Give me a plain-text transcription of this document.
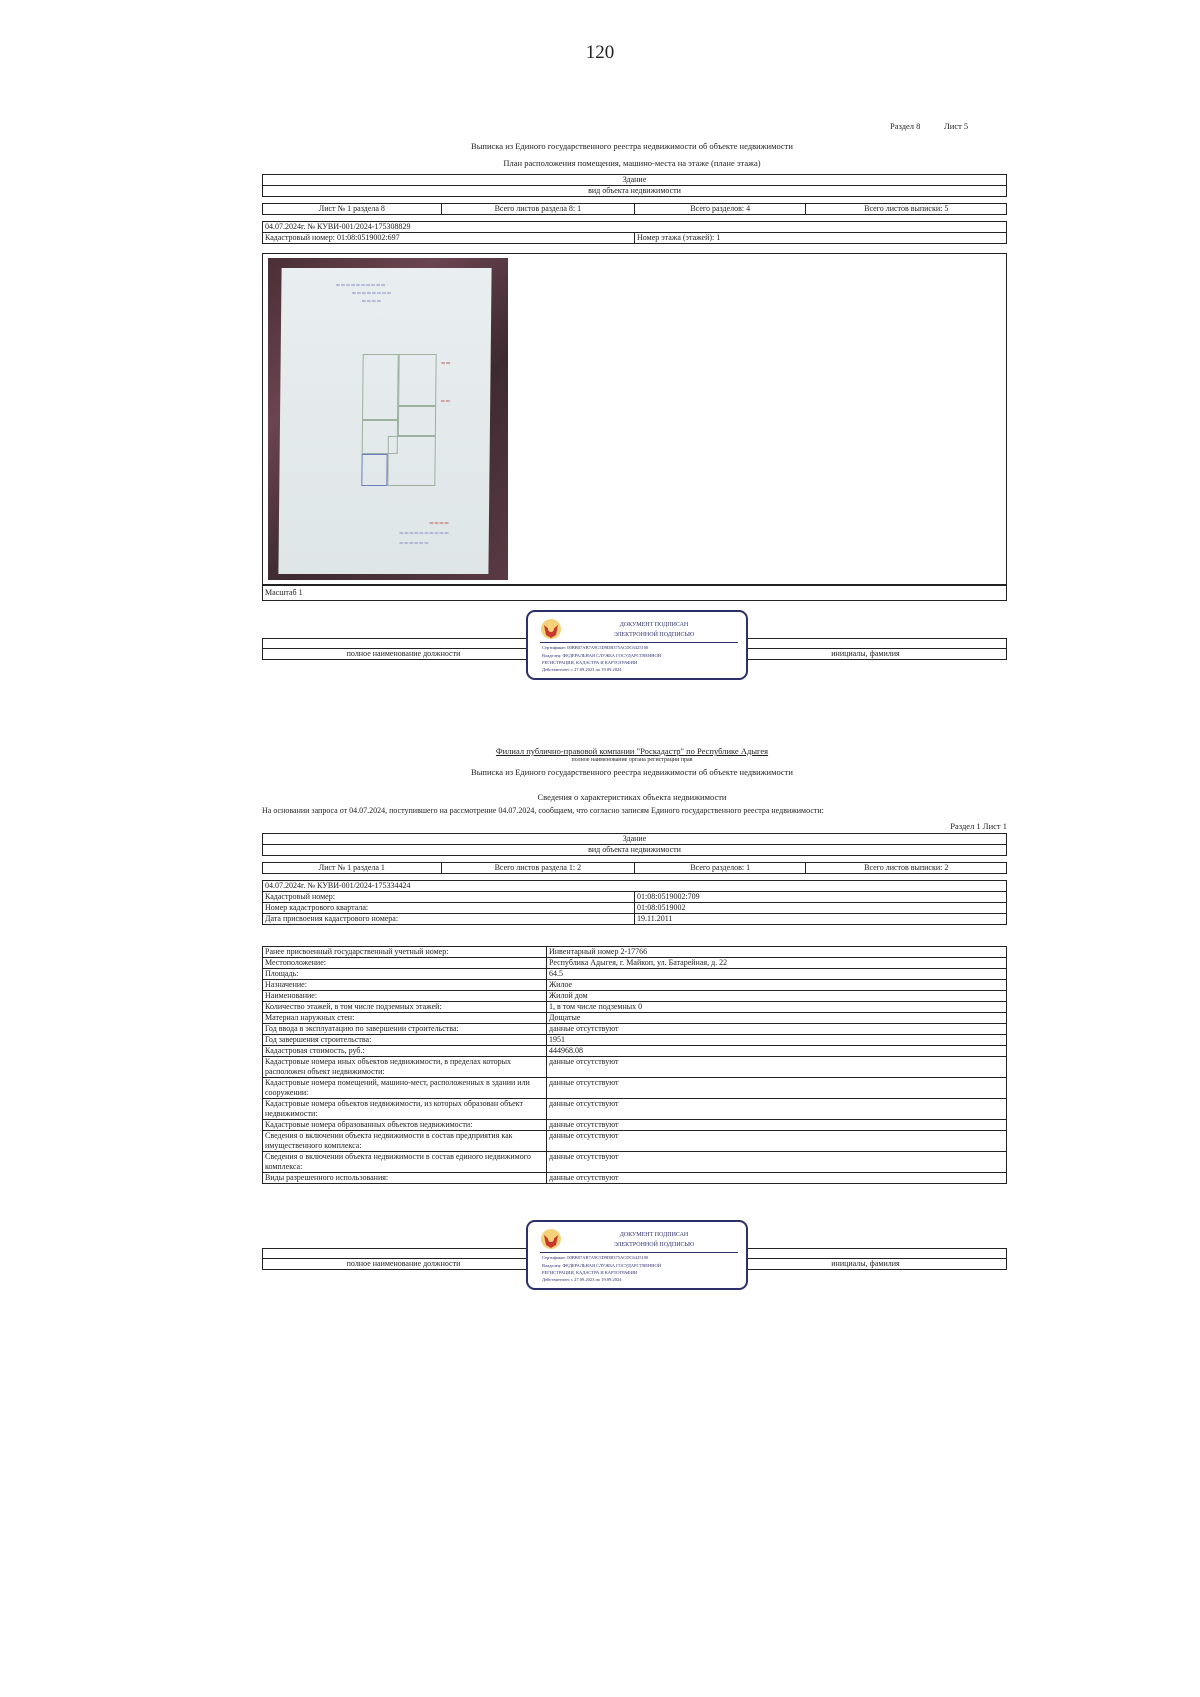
120
Раздел 8	Лист 5
Выписка из Единого государственного реестра недвижимости об объекте недвижимости
План расположения помещения, машино-места на этаже (плане этажа)
Здание
вид объекта недвижимости
Лист № 1 раздела 8	Всего листов раздела 8: 1	Всего разделов: 4	Всего листов выписки: 5
04.07.2024г. № КУВИ-001/2024-175308829
Кадастровый номер: 01:08:0519002:697	Номер этажа (этажей): 1
≈≈≈≈≈≈≈≈≈≈
≈≈≈≈≈≈≈≈
≈≈≈≈
≈≈
≈≈
≈≈≈≈
≈≈≈≈≈≈≈≈≈≈
≈≈≈≈≈≈
Масштаб 1

полное наименование должности		инициалы, фамилия
ДОКУМЕНТ ПОДПИСАН
ЭЛЕКТРОННОЙ ПОДПИСЬЮ
Сертификат: 00BB07AB7A9C5D9DB375ACDC6425100
Владелец: ФЕДЕРАЛЬНАЯ СЛУЖБА ГОСУДАРСТВЕННОЙ
РЕГИСТРАЦИИ, КАДАСТРА И КАРТОГРАФИИ
Действителен: с 27.09.2023 по 19.09.2024
Филиал публично-правовой компании "Роскадастр" по Республике Адыгея
полное наименование органа регистрации прав
Выписка из Единого государственного реестра недвижимости об объекте недвижимости
Сведения о характеристиках объекта недвижимости
На основании запроса от 04.07.2024, поступившего на рассмотрение 04.07.2024, сообщаем, что согласно записям Единого государственного реестра недвижимости:
Раздел 1 Лист 1
Здание
вид объекта недвижимости
Лист № 1 раздела 1	Всего листов раздела 1: 2	Всего разделов: 1	Всего листов выписки: 2
04.07.2024г. № КУВИ-001/2024-175334424	
Кадастровый номер:	01:08:0519002:709
Номер кадастрового квартала:	01:08:0519002
Дата присвоения кадастрового номера:	19.11.2011
Ранее присвоенный государственный учетный номер:	Инвентарный номер 2-17766
Местоположение:	Республика Адыгея, г. Майкоп, ул. Батарейная, д. 22
Площадь:	64.5
Назначение:	Жилое
Наименование:	Жилой дом
Количество этажей, в том числе подземных этажей:	1, в том числе подземных 0
Материал наружных стен:	Дощатые
Год ввода в эксплуатацию по завершении строительства:	данные отсутствуют
Год завершения строительства:	1951
Кадастровая стоимость, руб.:	444968.08
Кадастровые номера иных объектов недвижимости, в пределах которых расположен объект недвижимости:	данные отсутствуют
Кадастровые номера помещений, машино-мест, расположенных в здании или сооружении:	данные отсутствуют
Кадастровые номера объектов недвижимости, из которых образован объект недвижимости:	данные отсутствуют
Кадастровые номера образованных объектов недвижимости:	данные отсутствуют
Сведения о включении объекта недвижимости в состав предприятия как имущественного комплекса:	данные отсутствуют
Сведения о включении объекта недвижимости в состав единого недвижимого комплекса:	данные отсутствуют
Виды разрешенного использования:	данные отсутствуют

полное наименование должности		инициалы, фамилия
ДОКУМЕНТ ПОДПИСАН
ЭЛЕКТРОННОЙ ПОДПИСЬЮ
Сертификат: 00BB07AB7A9C5D9DB375ACDC6425100
Владелец: ФЕДЕРАЛЬНАЯ СЛУЖБА ГОСУДАРСТВЕННОЙ
РЕГИСТРАЦИИ, КАДАСТРА И КАРТОГРАФИИ
Действителен: с 27.09.2023 по 19.09.2024
